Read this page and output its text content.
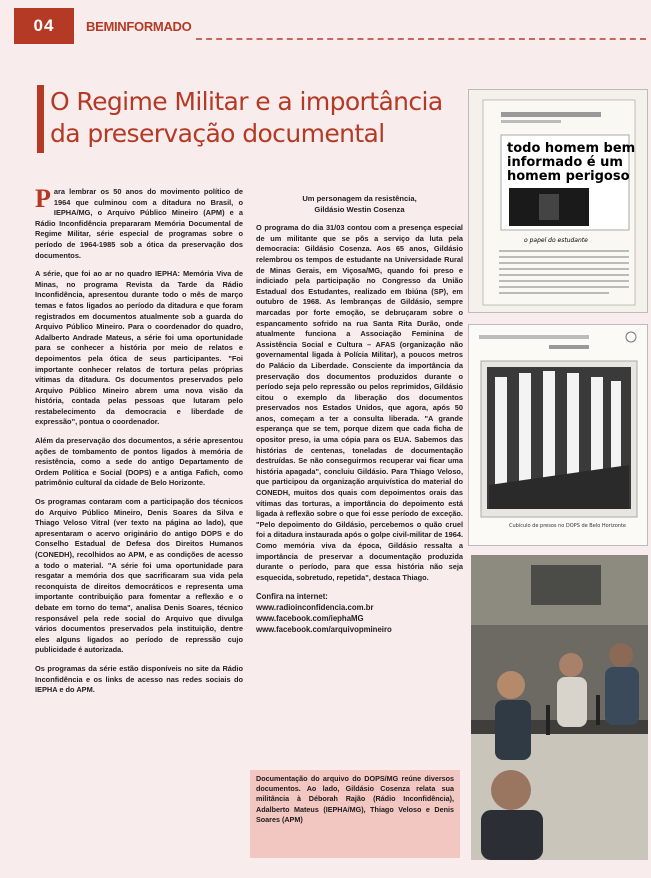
04	BEMINFORMADO
O Regime Militar e a importância
da preservação documental

Para lembrar os 50 anos do movimento político de 1964 que culminou com a ditadura no Brasil, o IEPHA/MG, o Arquivo Público Mineiro (APM) e a Rádio Inconfidência prepararam Memória Documental de Regime Militar, série especial de programas sobre o período de 1964-1985 sob a ótica da preservação dos documentos.

A série, que foi ao ar no quadro IEPHA: Memória Viva de Minas, no programa Revista da Tarde da Rádio Inconfidência, apresentou durante todo o mês de março temas e fatos ligados ao período da ditadura e que foram registrados em documentos atualmente sob a guarda do Arquivo Público Mineiro. Para o coordenador do quadro, Adalberto Andrade Mateus, a série foi uma oportunidade para se conhecer a história por meio de relatos e depoimentos pela ótica de seus participantes. "Foi importante conhecer relatos de tortura pelas próprias vítimas da ditadura. Os documentos preservados pelo Arquivo Público Mineiro abrem uma nova visão da história, contada pelas pessoas que lutaram pelo restabelecimento da democracia e liberdade de expressão", pontua o coordenador.

Além da preservação dos documentos, a série apresentou ações de tombamento de pontos ligados à memória de resistência, como a sede do antigo Departamento de Ordem Política e Social (DOPS) e a antiga Fafich, como patrimônio cultural da cidade de Belo Horizonte.

Os programas contaram com a participação dos técnicos do Arquivo Público Mineiro, Denis Soares da Silva e Thiago Veloso Vitral (ver texto na página ao lado), que apresentaram o acervo originário do antigo DOPS e do Conselho Estadual de Defesa dos Direitos Humanos (CONEDH), recolhidos ao APM, e as condições de acesso a todo o material. "A série foi uma oportunidade para resgatar a memória dos que sacrificaram sua vida pela reconquista de direitos democráticos e representa uma importante contribuição para fomentar a reflexão e o debate em torno do tema", analisa Denis Soares, técnico responsável pela rede social do Arquivo que divulga vários documentos preservados pela instituição, dentre eles alguns ligados ao período de repressão cujo publicidade é autorizada.

Os programas da série estão disponíveis no site da Rádio Inconfidência e os links de acesso nas redes sociais do IEPHA e do APM.

Um personagem da resistência,
Gildásio Westin Cosenza

O programa do dia 31/03 contou com a presença especial de um militante que se pôs a serviço da luta pela democracia: Gildásio Cosenza. Aos 65 anos, Gildásio relembrou os tempos de estudante na Universidade Rural de Minas Gerais, em Viçosa/MG, quando foi preso e indiciado pela participação no Congresso da União Estadual dos Estudantes, realizado em Ibiúna (SP), em outubro de 1968. As lembranças de Gildásio, sempre marcadas por forte emoção, se debruçaram sobre o espancamento sofrido na rua Santa Rita Durão, onde atualmente funciona a Associação Feminina de Assistência Social e Cultura – AFAS (organização não governamental ligada à Polícia Militar), a poucos metros do Palácio da Liberdade. Consciente da importância da preservação dos documentos produzidos durante o período seja pelo repressão ou pelos reprimidos, Gildásio citou o exemplo da liberação dos documentos preservados nos Estados Unidos, que agora, após 50 anos, começam a ter a consulta liberada. "A grande esperança que se tem, porque dizem que cada ficha de opositor preso, ia uma cópia para os EUA. Sabemos das histórias de centenas, toneladas de documentação destruídas. Se não conseguirmos recuperar vai ficar uma história apagada", concluiu Gildásio. Para Thiago Veloso, que participou da organização arquivística do material do CONEDH, muitos dos quais com depoimentos orais das vítimas das torturas, a importância do depoimento está ligada à reflexão sobre o que foi esse período de exceção. "Pelo depoimento do Gildásio, percebemos o quão cruel foi a ditadura instaurada após o golpe civil-militar de 1964. Como memória viva da época, Gildásio ressalta a importância de preservar a documentação produzida durante o período, para que essa história não seja esquecida, sobretudo, repetida", destaca Thiago.

Confira na internet:
www.radioinconfidencia.com.br
www.facebook.com/iephaMG
www.facebook.com/arquivopmineiro
todo homem bem
informado é um
homem perigoso
o papel do estudante
Cubículo de presos no DOPS de Belo Horizonte
Documentação do arquivo do DOPS/MG reúne diversos documentos. Ao lado, Gildásio Cosenza relata sua militância à Déborah Rajão (Rádio Inconfidência), Adalberto Mateus (IEPHA/MG), Thiago Veloso e Denis Soares (APM)
